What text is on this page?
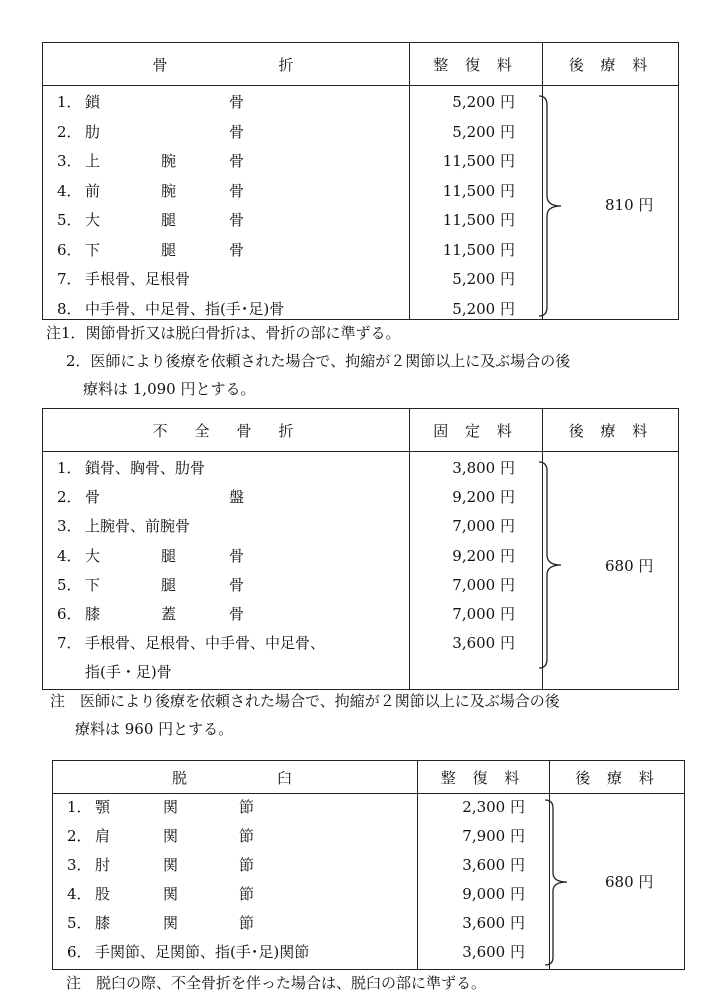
骨　　　　　折	整 復 料	後 療 料
1． 鎖	骨	5,200 円
2． 肋	骨	5,200 円
3． 上	腕	骨	11,500 円
4． 前	腕	骨	11,500 円
5． 大	腿	骨	11,500 円
6． 下	腿	骨	11,500 円
7． 手根骨、足根骨	5,200 円
8． 中手骨、中足骨、指(手･足)骨	5,200 円
810 円
注1．関節骨折又は脱臼骨折は、骨折の部に準ずる。
2．医師により後療を依頼された場合で、拘縮が２関節以上に及ぶ場合の後
療料は 1,090 円とする。
不　全　骨　折	固 定 料	後 療 料
1． 鎖骨、胸骨、肋骨	3,800 円
2． 骨	盤	9,200 円
3． 上腕骨、前腕骨	7,000 円
4． 大	腿	骨	9,200 円
5． 下	腿	骨	7,000 円
6． 膝	蓋	骨	7,000 円
7． 手根骨、足根骨、中手骨、中足骨、
指(手・足)骨
3,600 円
680 円
注　医師により後療を依頼された場合で、拘縮が２関節以上に及ぶ場合の後
療料は 960 円とする。
脱　　　　臼	整 復 料	後 療 料
1． 顎	関	節	2,300 円
2． 肩	関	節	7,900 円
3． 肘	関	節	3,600 円
4． 股	関	節	9,000 円
5． 膝	関	節	3,600 円
6． 手関節、足関節、指(手･足)関節	3,600 円
680 円
注　脱臼の際、不全骨折を伴った場合は、脱臼の部に準ずる。
